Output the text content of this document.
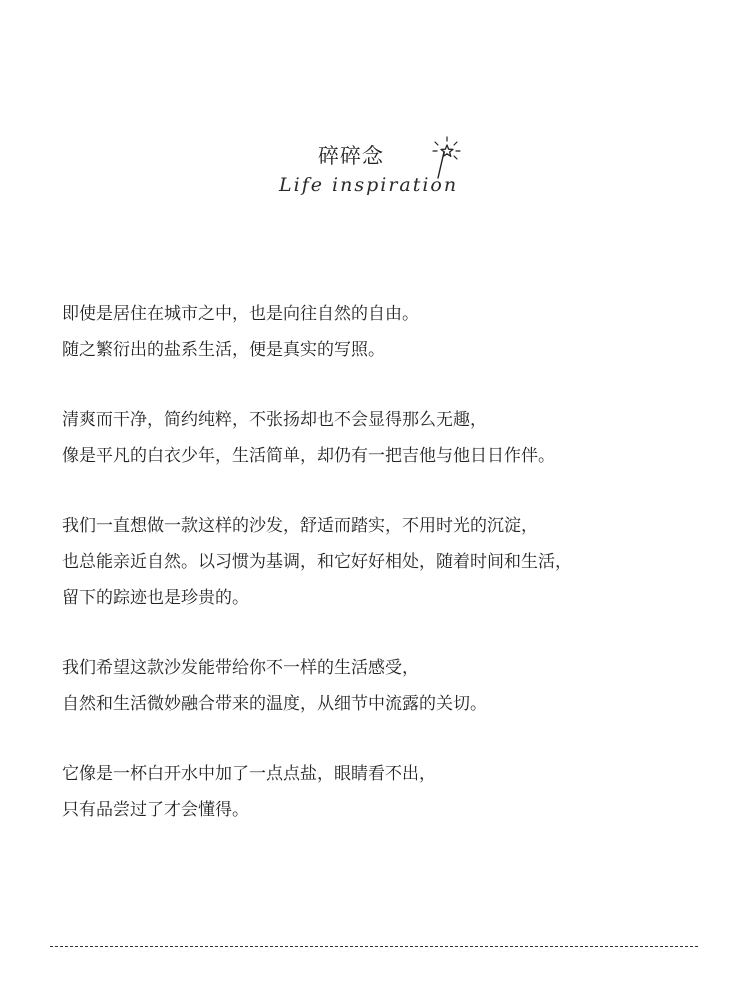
碎碎念
Life inspiration
即使是居住在城市之中，也是向往自然的自由。
随之繁衍出的盐系生活，便是真实的写照。
清爽而干净，简约纯粹，不张扬却也不会显得那么无趣，
像是平凡的白衣少年，生活简单，却仍有一把吉他与他日日作伴。
我们一直想做一款这样的沙发，舒适而踏实，不用时光的沉淀，
也总能亲近自然。以习惯为基调，和它好好相处，随着时间和生活，
留下的踪迹也是珍贵的。
我们希望这款沙发能带给你不一样的生活感受，
自然和生活微妙融合带来的温度，从细节中流露的关切。
它像是一杯白开水中加了一点点盐，眼睛看不出，
只有品尝过了才会懂得。
